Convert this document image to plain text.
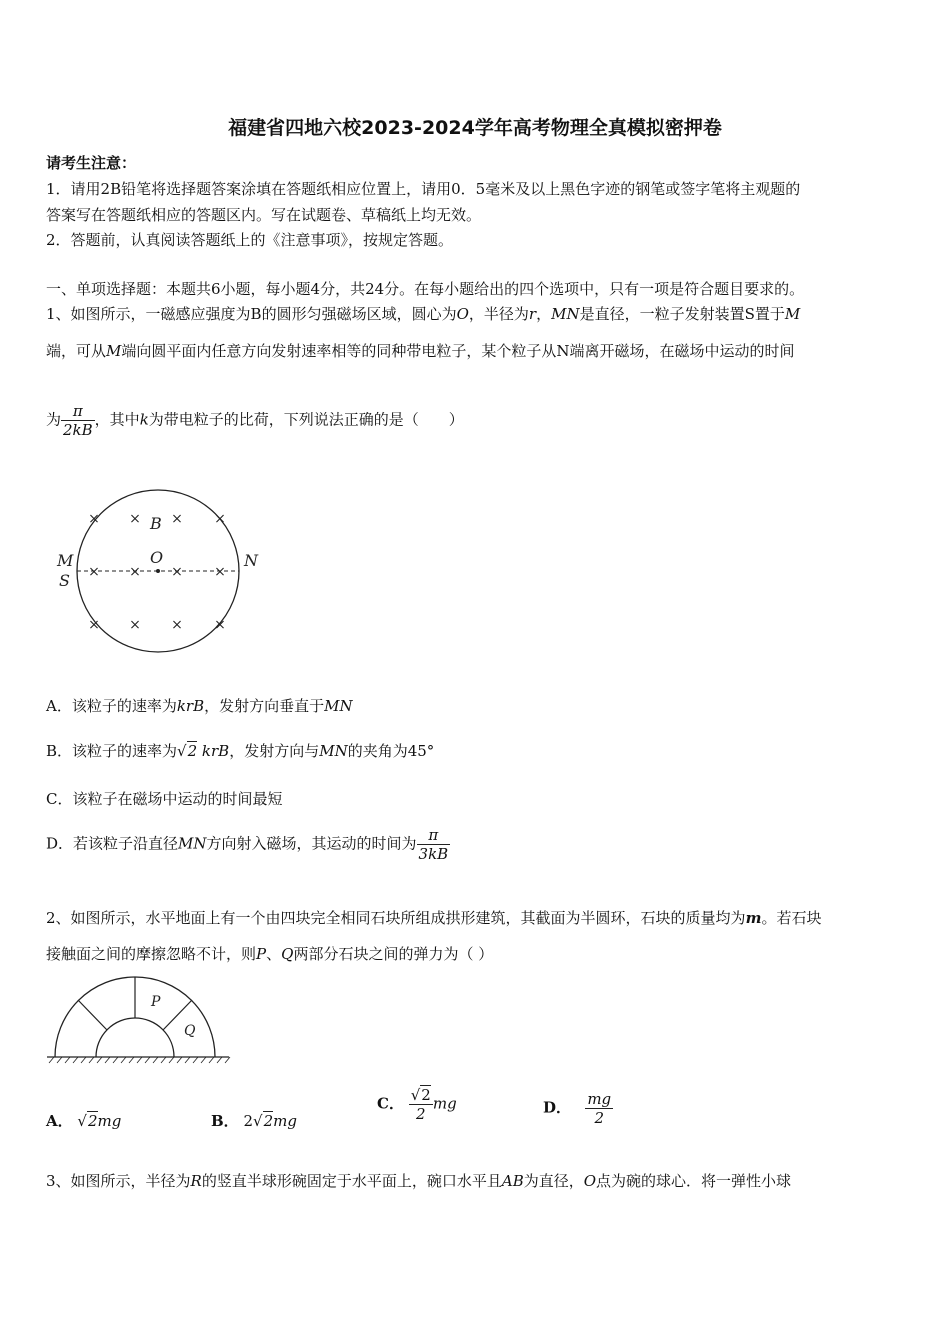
福建省四地六校2023-2024学年高考物理全真模拟密押卷
请考生注意：
1．请用2B铅笔将选择题答案涂填在答题纸相应位置上，请用0．5毫米及以上黑色字迹的钢笔或签字笔将主观题的
答案写在答题纸相应的答题区内。写在试题卷、草稿纸上均无效。
2．答题前，认真阅读答题纸上的《注意事项》，按规定答题。
一、单项选择题：本题共6小题，每小题4分，共24分。在每小题给出的四个选项中，只有一项是符合题目要求的。
1、如图所示，一磁感应强度为B的圆形匀强磁场区域，圆心为O，半径为r，MN是直径，一粒子发射装置S置于M
端，可从M端向圆平面内任意方向发射速率相等的同种带电粒子，某个粒子从N端离开磁场，在磁场中运动的时间
为 $\frac{\pi}{2kB}$ ，其中k为带电粒子的比荷，下列说法正确的是（　　）
× ×
×	×
× × × ×
× ×
×	×
B
O
M
S
N
A．该粒子的速率为krB，发射方向垂直于MN
B．该粒子的速率为√2 krB，发射方向与MN的夹角为45°
C．该粒子在磁场中运动的时间最短
D．若该粒子沿直径MN方向射入磁场，其运动的时间为 $\frac{\pi}{3kB}$
2、如图所示，水平地面上有一个由四块完全相同石块所组成拱形建筑，其截面为半圆环，石块的质量均为m。若石块
接触面之间的摩擦忽略不计，则P、Q两部分石块之间的弹力为（ ）
P
Q
A． √2mg	B． 2√2mg
C． $\frac{√2}{2}$ mg	D． $\frac{mg}{2}$
3、如图所示，半径为R的竖直半球形碗固定于水平面上，碗口水平且AB为直径，O点为碗的球心．将一弹性小球
